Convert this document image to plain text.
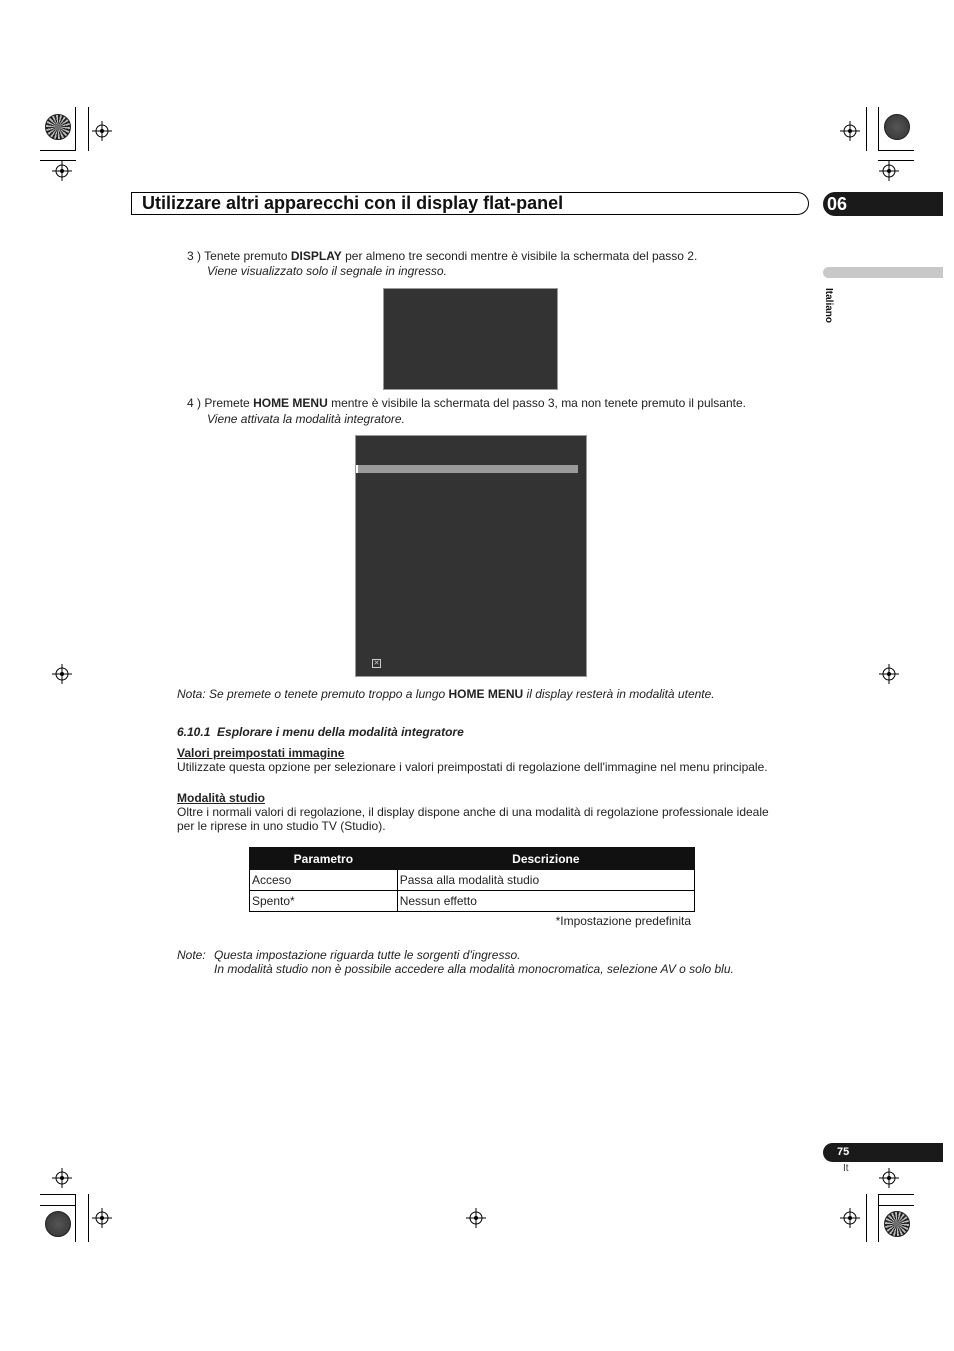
Utilizzare altri apparecchi con il display flat-panel	06
Italiano
3 ) Tenete premuto DISPLAY per almeno tre secondi mentre è visibile la schermata del passo 2.
Viene visualizzato solo il segnale in ingresso.
4 ) Premete HOME MENU mentre è visibile la schermata del passo 3, ma non tenete premuto il pulsante.
Viene attivata la modalità integratore.
✕
Nota: Se premete o tenete premuto troppo a lungo HOME MENU il display resterà in modalità utente.
6.10.1  Esplorare i menu della modalità integratore
Valori preimpostati immagine
Utilizzate questa opzione per selezionare i valori preimpostati di regolazione dell'immagine nel menu principale.
Modalità studio
Oltre i normali valori di regolazione, il display dispone anche di una modalità di regolazione professionale ideale
per le riprese in uno studio TV (Studio).
Parametro	Descrizione
Acceso	Passa alla modalità studio
Spento*	Nessun effetto
*Impostazione predefinita
Note: Questa impostazione riguarda tutte le sorgenti d'ingresso.
In modalità studio non è possibile accedere alla modalità monocromatica, selezione AV o solo blu.
75
It
